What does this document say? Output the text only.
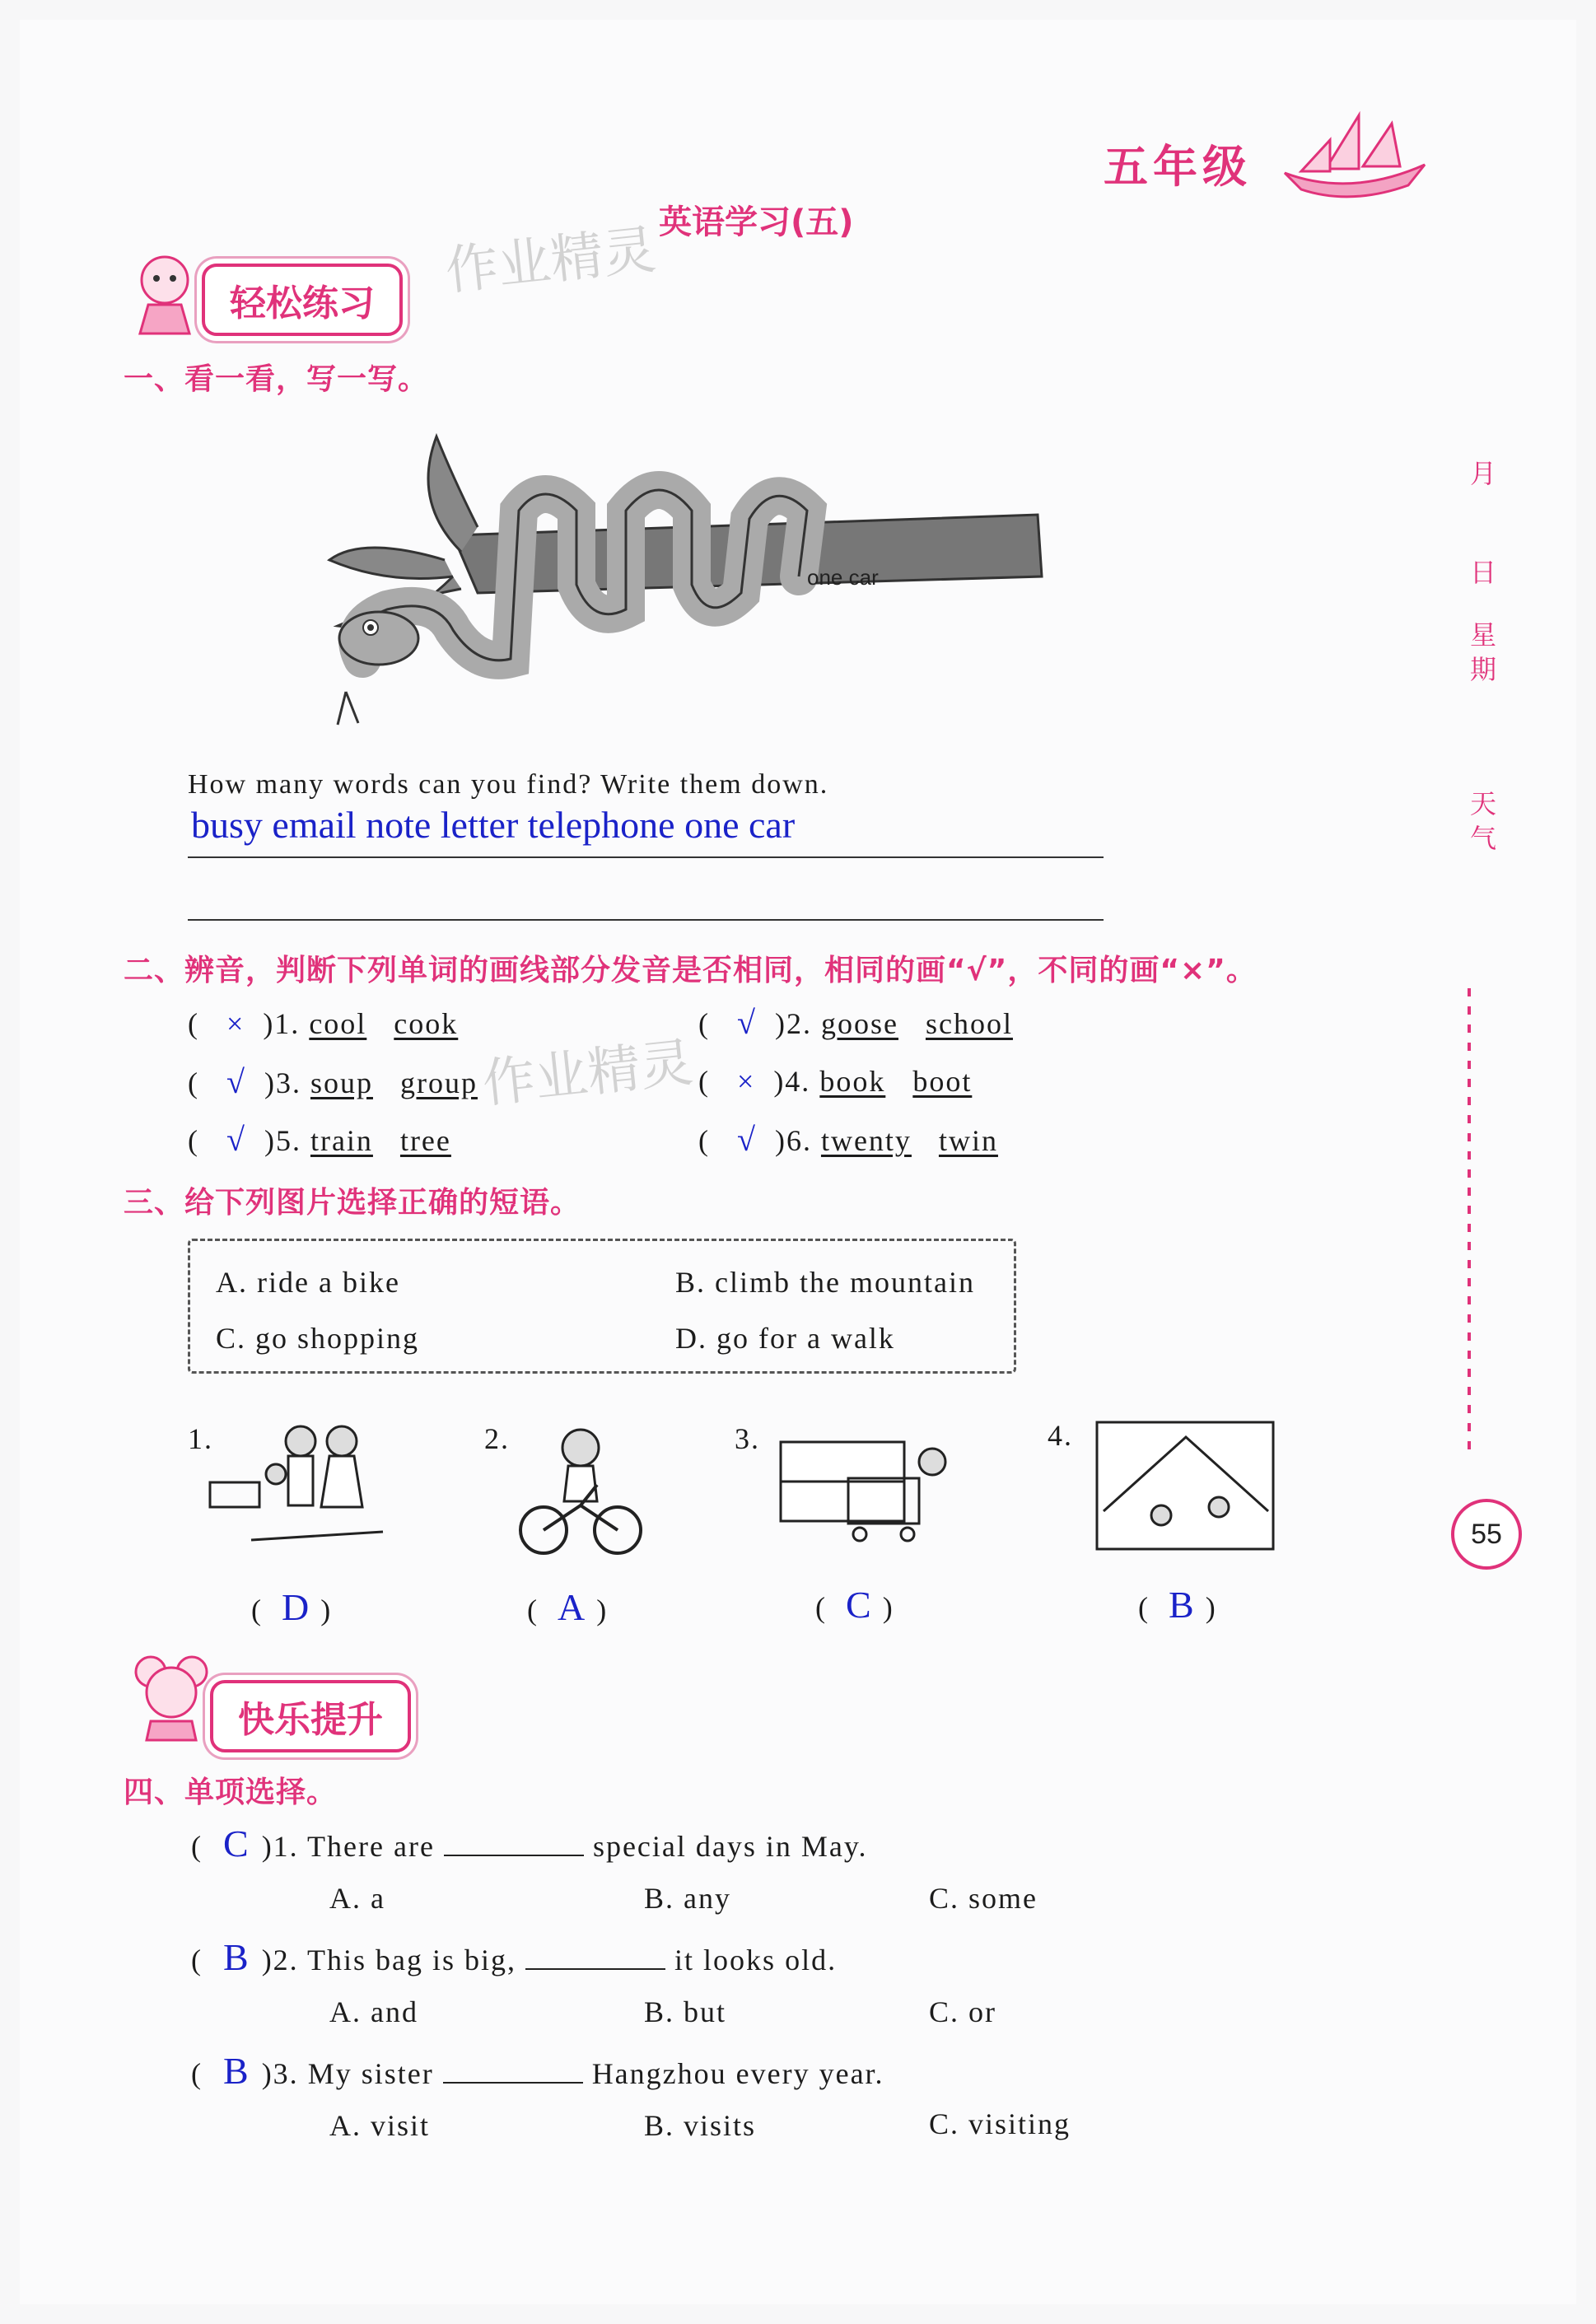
五年级
英语学习(五)
作业精灵
轻松练习
一、看一看，写一写。
one car
How many words can you find? Write them down.
busy email note letter telephone one car
二、辨音，判断下列单词的画线部分发音是否相同，相同的画“√”，不同的画“×”。
作业精灵
( × )1. cool cook	( √ )2. goose school
( √ )3. soup group	( × )4. book boot
( √ )5. train tree	( √ )6. twenty twin
三、给下列图片选择正确的短语。
A. ride a bike	B. climb the mountain
C. go shopping	D. go for a walk
1.	2.	3.	4.
( D )	( A )	( C )	( B )
快乐提升
四、单项选择。
( C )1. There are	special days in May.
A. a	B. any	C. some
( B )2. This bag is big,	it looks old.
A. and	B. but	C. or
( B )3. My sister	Hangzhou every year.
A. visit	B. visits	C. visiting
月
日
星期
天气
55
